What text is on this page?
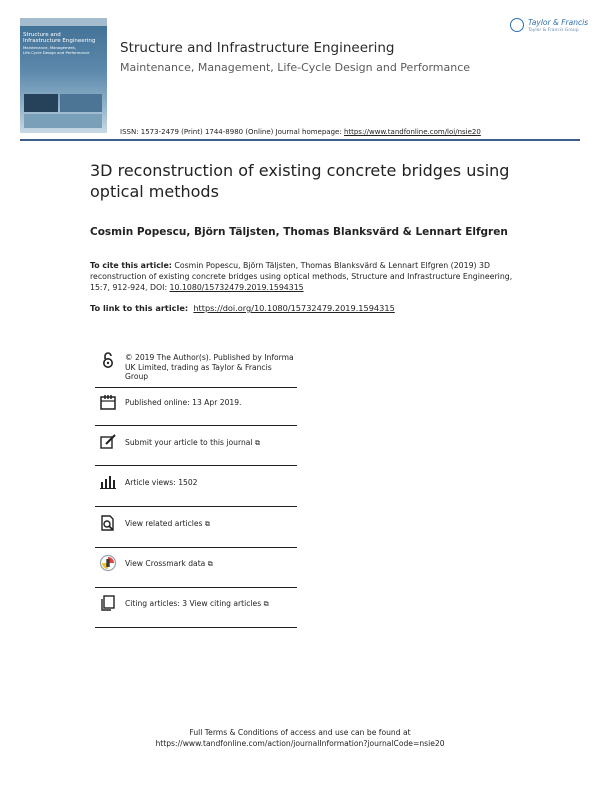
Structure and
Infrastructure Engineering
Maintenance, Management,
Life-Cycle Design and Performance
Taylor & Francis
Taylor & Francis Group
Structure and Infrastructure Engineering
Maintenance, Management, Life-Cycle Design and Performance
ISSN: 1573-2479 (Print) 1744-8980 (Online) Journal homepage: https://www.tandfonline.com/loi/nsie20
3D reconstruction of existing concrete bridges using optical methods
Cosmin Popescu, Björn Täljsten, Thomas Blanksvärd & Lennart Elfgren
To cite this article: Cosmin Popescu, Björn Täljsten, Thomas Blanksvärd & Lennart Elfgren (2019) 3D reconstruction of existing concrete bridges using optical methods, Structure and Infrastructure Engineering, 15:7, 912-924, DOI: 10.1080/15732479.2019.1594315
To link to this article: https://doi.org/10.1080/15732479.2019.1594315
© 2019 The Author(s). Published by Informa UK Limited, trading as Taylor & Francis Group
Published online: 13 Apr 2019.
Submit your article to this journal ⧉
Article views: 1502
View related articles ⧉
View Crossmark data ⧉
Citing articles: 3 View citing articles ⧉
Full Terms & Conditions of access and use can be found at
https://www.tandfonline.com/action/journalInformation?journalCode=nsie20
